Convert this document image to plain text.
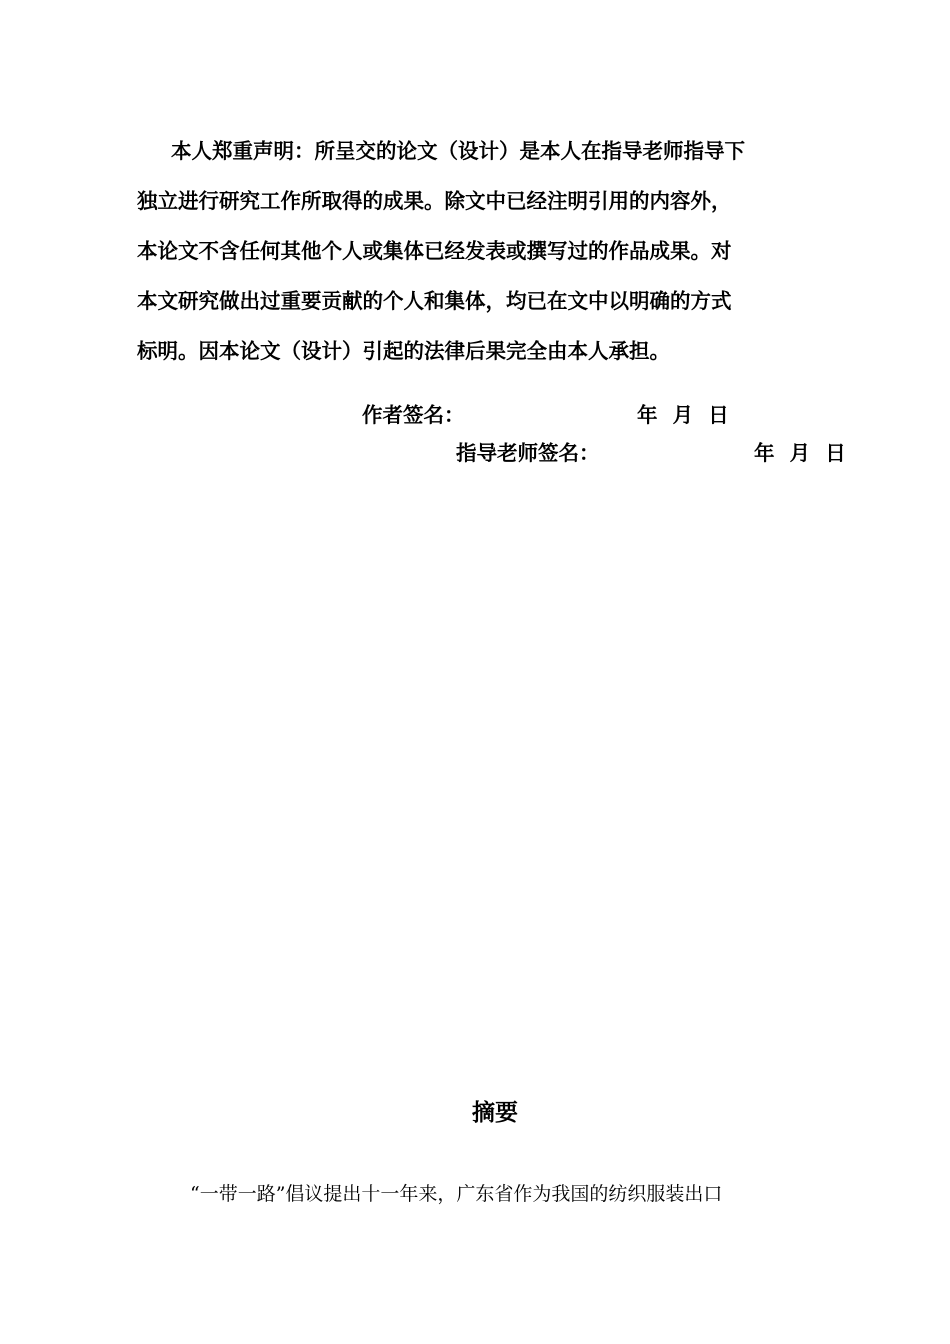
本人郑重声明：所呈交的论文（设计）是本人在指导老师指导下
独立进行研究工作所取得的成果。除文中已经注明引用的内容外，
本论文不含任何其他个人或集体已经发表或撰写过的作品成果。对
本文研究做出过重要贡献的个人和集体，均已在文中以明确的方式
标明。因本论文（设计）引起的法律后果完全由本人承担。
作者签名：	年 月 日
指导老师签名：	年 月 日
摘要
“一带一路”倡议提出十一年来，广东省作为我国的纺织服装出口
